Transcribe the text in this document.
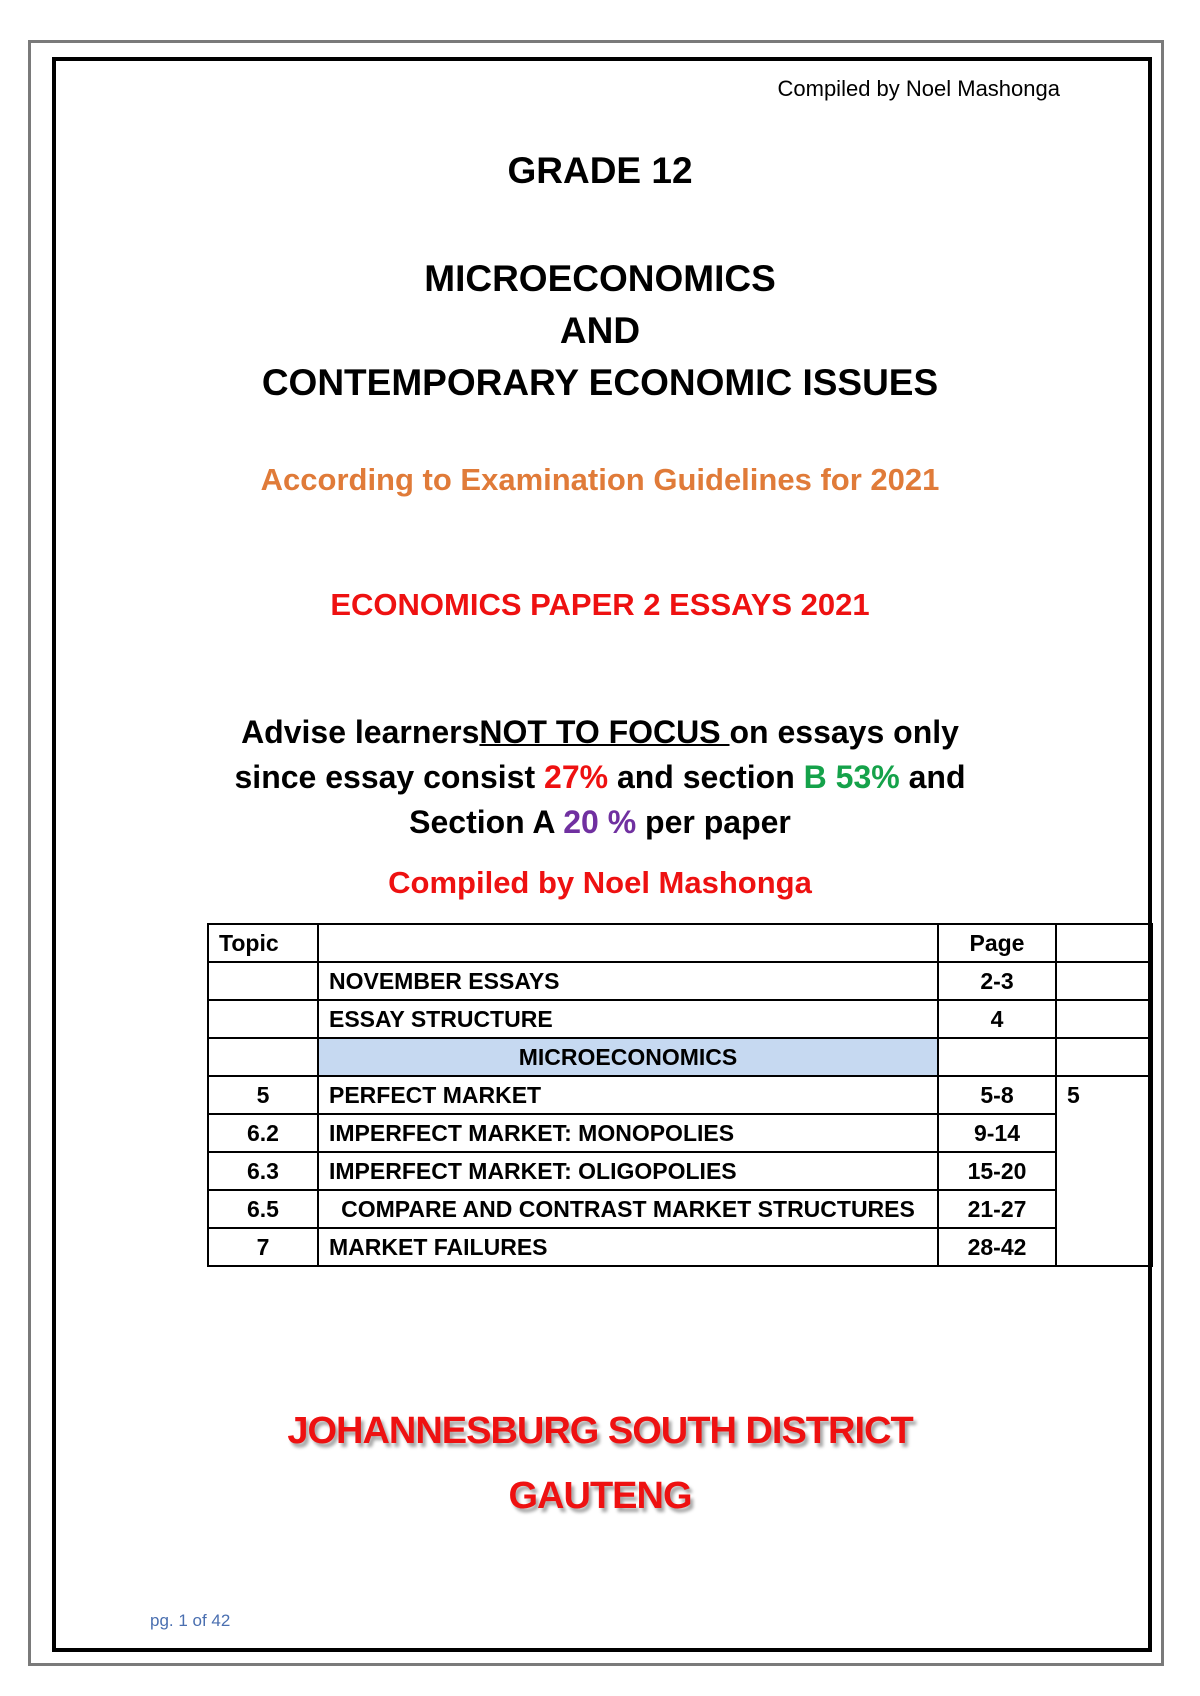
Compiled by Noel Mashonga
GRADE 12
MICROECONOMICS
AND
CONTEMPORARY ECONOMIC ISSUES
According to Examination Guidelines for 2021
ECONOMICS PAPER 2 ESSAYS 2021
Advise learnersNOT TO FOCUS on essays only
since essay consist 27% and section B 53% and
Section A 20 % per paper
Compiled by Noel Mashonga
Topic		Page	
	NOVEMBER ESSAYS	2-3	
	ESSAY STRUCTURE	4	
	MICROECONOMICS		
5	PERFECT MARKET	5-8	5
6.2	IMPERFECT MARKET: MONOPOLIES	9-14	
6.3	IMPERFECT MARKET: OLIGOPOLIES	15-20	
6.5	COMPARE AND CONTRAST MARKET STRUCTURES	21-27	
7	MARKET FAILURES	28-42	
JOHANNESBURG SOUTH DISTRICT
GAUTENG
pg. 1 of 42
